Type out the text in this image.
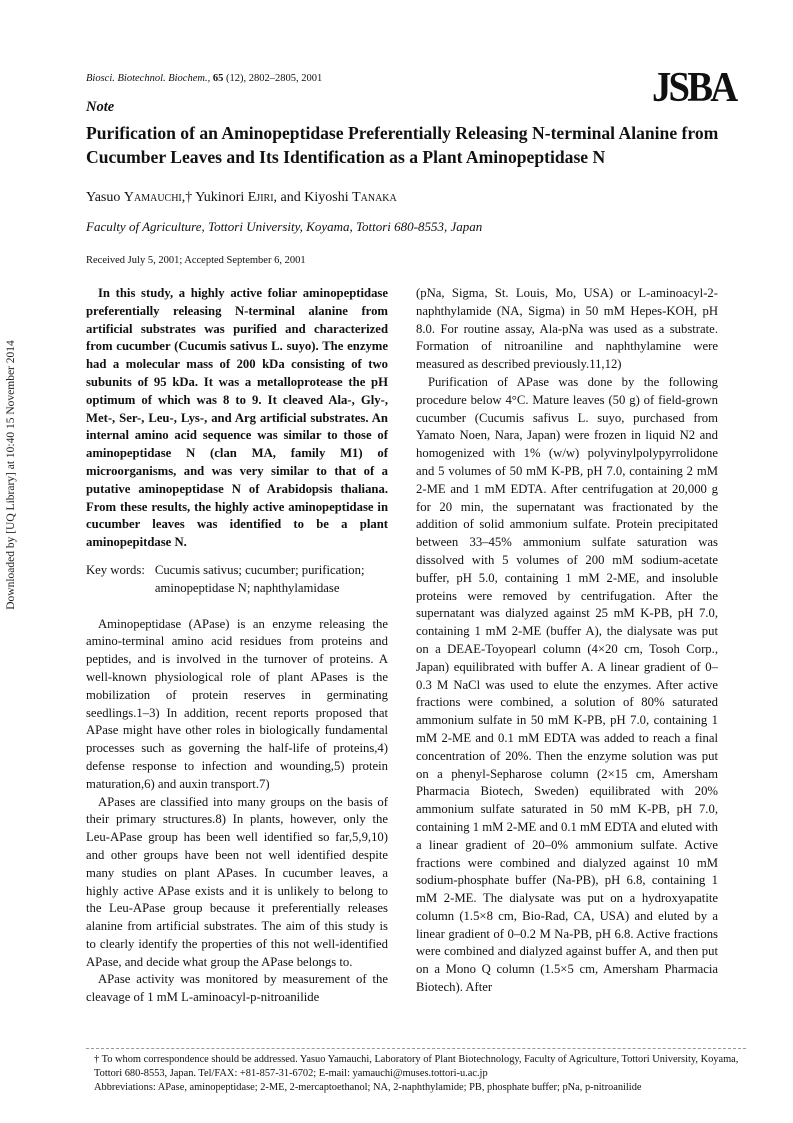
Downloaded by [UQ Library] at 10:40 15 November 2014
Biosci. Biotechnol. Biochem., 65 (12), 2802–2805, 2001	JSBA
Note
Purification of an Aminopeptidase Preferentially Releasing N-terminal Alanine from Cucumber Leaves and Its Identification as a Plant Aminopeptidase N
Yasuo Yamauchi,† Yukinori Ejiri, and Kiyoshi Tanaka
Faculty of Agriculture, Tottori University, Koyama, Tottori 680-8553, Japan
Received July 5, 2001; Accepted September 6, 2001

In this study, a highly active foliar aminopeptidase preferentially releasing N-terminal alanine from artificial substrates was purified and characterized from cucumber (Cucumis sativus L. suyo). The enzyme had a molecular mass of 200 kDa consisting of two subunits of 95 kDa. It was a metalloprotease the pH optimum of which was 8 to 9. It cleaved Ala-, Gly-, Met-, Ser-, Leu-, Lys-, and Arg artificial substrates. An internal amino acid sequence was similar to those of aminopeptidase N (clan MA, family M1) of microorganisms, and was very similar to that of a putative aminopeptidase N of Arabidopsis thaliana. From these results, the highly active aminopeptidase in cucumber leaves was identified to be a plant aminopepitdase N.

Key words: Cucumis sativus; cucumber; purification; aminopeptidase N; naphthylamidase

Aminopeptidase (APase) is an enzyme releasing the amino-terminal amino acid residues from proteins and peptides, and is involved in the turnover of proteins. A well-known physiological role of plant APases is the mobilization of protein reserves in germinating seedlings.1–3) In addition, recent reports proposed that APase might have other roles in biologically fundamental processes such as governing the half-life of proteins,4) defense response to infection and wounding,5) protein maturation,6) and auxin transport.7)

APases are classified into many groups on the basis of their primary structures.8) In plants, however, only the Leu-APase group has been well identified so far,5,9,10) and other groups have been not well identified despite many studies on plant APases. In cucumber leaves, a highly active APase exists and it is unlikely to belong to the Leu-APase group because it preferentially releases alanine from artificial substrates. The aim of this study is to clearly identify the properties of this not well-identified APase, and decide what group the APase belongs to.

APase activity was monitored by measurement of the cleavage of 1 mM L-aminoacyl-p-nitroanilide

(pNa, Sigma, St. Louis, Mo, USA) or L-aminoacyl-2-naphthylamide (NA, Sigma) in 50 mM Hepes-KOH, pH 8.0. For routine assay, Ala-pNa was used as a substrate. Formation of nitroaniline and naphthylamine were measured as described previously.11,12)

Purification of APase was done by the following procedure below 4°C. Mature leaves (50 g) of field-grown cucumber (Cucumis safivus L. suyo, purchased from Yamato Noen, Nara, Japan) were frozen in liquid N2 and homogenized with 1% (w/w) polyvinylpolypyrrolidone and 5 volumes of 50 mM K-PB, pH 7.0, containing 2 mM 2-ME and 1 mM EDTA. After centrifugation at 20,000 g for 20 min, the supernatant was fractionated by the addition of solid ammonium sulfate. Protein precipitated between 33–45% ammonium sulfate saturation was dissolved with 5 volumes of 200 mM sodium-acetate buffer, pH 5.0, containing 1 mM 2-ME, and insoluble proteins were removed by centrifugation. After the supernatant was dialyzed against 25 mM K-PB, pH 7.0, containing 1 mM 2-ME (buffer A), the dialysate was put on a DEAE-Toyopearl column (4×20 cm, Tosoh Corp., Japan) equilibrated with buffer A. A linear gradient of 0–0.3 M NaCl was used to elute the enzymes. After active fractions were combined, a solution of 80% saturated ammonium sulfate in 50 mM K-PB, pH 7.0, containing 1 mM 2-ME and 0.1 mM EDTA was added to reach a final concentration of 20%. Then the enzyme solution was put on a phenyl-Sepharose column (2×15 cm, Amersham Pharmacia Biotech, Sweden) equilibrated with 20% ammonium sulfate saturated in 50 mM K-PB, pH 7.0, containing 1 mM 2-ME and 0.1 mM EDTA and eluted with a linear gradient of 20–0% ammonium sulfate. Active fractions were combined and dialyzed against 10 mM sodium-phosphate buffer (Na-PB), pH 6.8, containing 1 mM 2-ME. The dialysate was put on a hydroxyapatite column (1.5×8 cm, Bio-Rad, CA, USA) and eluted by a linear gradient of 0–0.2 M Na-PB, pH 6.8. Active fractions were combined and dialyzed against buffer A, and then put on a Mono Q column (1.5×5 cm, Amersham Pharmacia Biotech). After

† To whom correspondence should be addressed. Yasuo Yamauchi, Laboratory of Plant Biotechnology, Faculty of Agriculture, Tottori University, Koyama, Tottori 680-8553, Japan. Tel/FAX: +81-857-31-6702; E-mail: yamauchi@muses.tottori-u.ac.jp

Abbreviations: APase, aminopeptidase; 2-ME, 2-mercaptoethanol; NA, 2-naphthylamide; PB, phosphate buffer; pNa, p-nitroanilide
